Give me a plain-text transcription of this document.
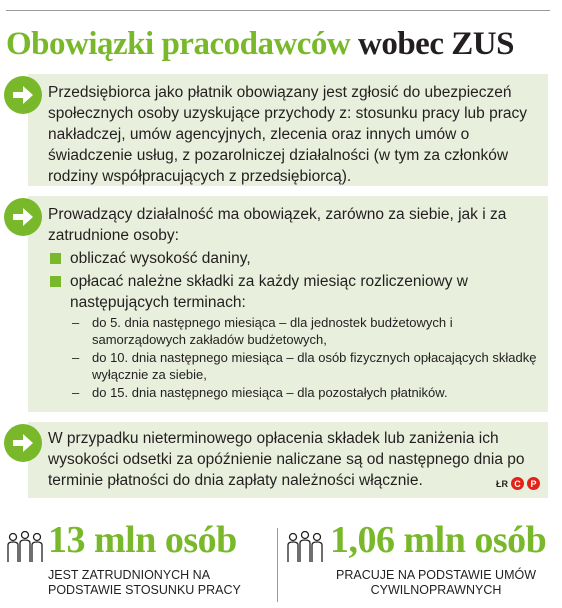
Obowiązki pracodawców wobec ZUS
Przedsiębiorca jako płatnik obowiązany jest zgłosić do ubezpieczeń społecznych osoby uzyskujące przychody z: stosunku pracy lub pracy nakładczej, umów agencyjnych, zlecenia oraz innych umów o świadczenie usług, z pozarolniczej działalności (w tym za członków rodziny współpracujących z przedsiębiorcą).
Prowadzący działalność ma obowiązek, zarówno za siebie, jak i za zatrudnione osoby:
obliczać wysokość daniny,
opłacać należne składki za każdy miesiąc rozliczeniowy w następujących terminach:
– do 5. dnia następnego miesiąca – dla jednostek budżetowych i samorządowych zakładów budżetowych,
– do 10. dnia następnego miesiąca – dla osób fizycznych opłacających składkę wyłącznie za siebie,
– do 15. dnia następnego miesiąca – dla pozostałych płatników.
W przypadku nieterminowego opłacenia składek lub zaniżenia ich wysokości odsetki za opóźnienie naliczane są od następnego dnia po terminie płatności do dnia zapłaty należności włącznie.	ŁR C	P
13 mln osób
JEST ZATRUDNIONYCH NA
PODSTAWIE STOSUNKU PRACY
1,06 mln osób
PRACUJE NA PODSTAWIE UMÓW
CYWILNOPRAWNYCH
